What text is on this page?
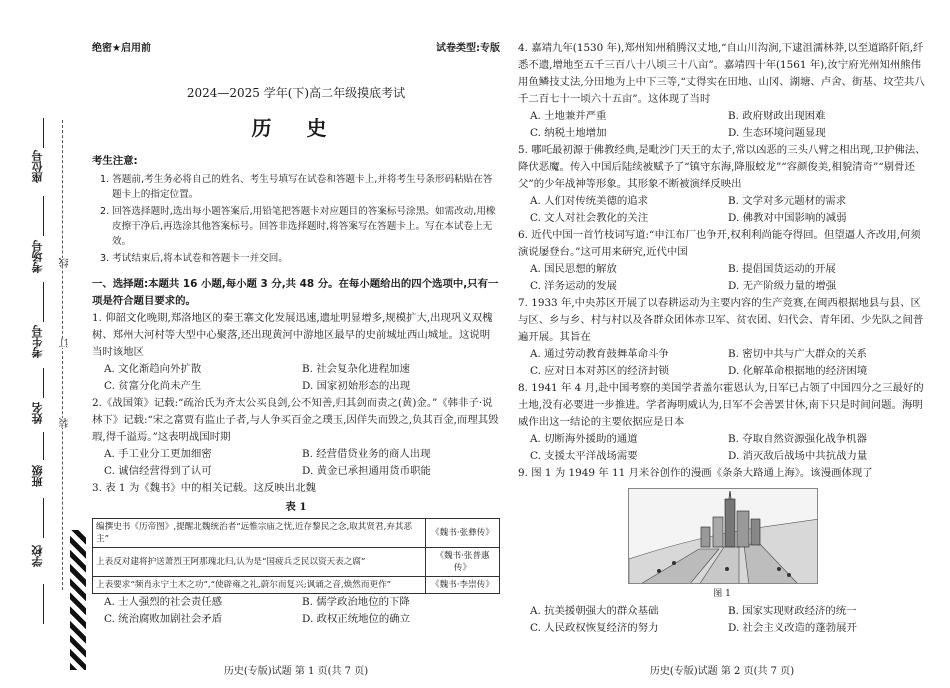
座位号
考场号
考生号
姓名
班级
学校
线
订
装
绝密★启用前	试卷类型:专版
2024—2025 学年(下)高二年级摸底考试
历 史
考生注意:
1. 答题前,考生务必将自己的姓名、考生号填写在试卷和答题卡上,并将考生号条形码粘贴在答题卡上的指定位置。
2. 回答选择题时,选出每小题答案后,用铅笔把答题卡对应题目的答案标号涂黑。如需改动,用橡皮擦干净后,再选涂其他答案标号。回答非选择题时,将答案写在答题卡上。写在本试卷上无效。
3. 考试结束后,将本试卷和答题卡一并交回。
一、选择题:本题共 16 小题,每小题 3 分,共 48 分。在每小题给出的四个选项中,只有一项是符合题目要求的。
1. 仰韶文化晚期,郑洛地区的秦王寨文化发展迅速,遗址明显增多,规模扩大,出现巩义双槐树、郑州大河村等大型中心聚落,还出现黄河中游地区最早的史前城址西山城址。这说明当时该地区
A. 文化渐趋向外扩散	B. 社会复杂化进程加速
C. 贫富分化尚未产生	D. 国家初始形态的出现
2.《战国策》记载:“疏治氏为齐太公买良剑,公不知善,归其剑而责之(黄)金。”《韩非子·说林下》记载:“宋之富贾有监止子者,与人争买百金之璞玉,因佯失而毁之,负其百金,而理其毁瑕,得千溢焉。”这表明战国时期
A. 手工业分工更加细密	B. 经营借贷业务的商人出现
C. 诚信经营得到了认可	D. 黄金已承担通用货币职能
3. 表 1 为《魏书》中的相关记载。这反映出北魏
表 1
编撰史书《历帝图》,提醒北魏统治者“远惟宗庙之忧,近存黎民之念,取其贤君,弃其恶主”	《魏书·张彝传》
上表反对建将护送萧烈王阿那瑰北归,认为是“国疲兵乏民以资天表之腐”	《魏书·张普惠传》
上表要求“频肖永宁土木之功”,“使辟雍之礼,蔚尔而复兴;讽诵之音,焕然而更作”	《魏书·李崇传》
A. 士人强烈的社会责任感	B. 儒学政治地位的下降
C. 统治腐败加剧社会矛盾	D. 政权正统地位的确立
历史(专版)试题 第 1 页(共 7 页)
4. 嘉靖九年(1530 年),郑州知州稍腾汉丈地,“自山川沟涧,下逮沮濡林莽,以至道路阡陌,纤悉不遗,增地至五千三百八十八顷三十八亩”。嘉靖四十年(1561 年),汝宁府光州知州熊伟用鱼鳞技丈法,分田地为上中下三等,“丈得实在田地、山冈、湖塘、卢舍、街基、坟茔共八千二百七十一顷六十五亩”。这体现了当时
A. 土地兼并严重	B. 政府财政出现困难
C. 纳税土地增加	D. 生态环境问题显现
5. 哪吒最初源于佛教经典,是毗沙门天王的太子,常以凶恶的三头八臂之相出现,卫护佛法、降伏恶魔。传入中国后陆续被赋予了“镇守东海,降服蛟龙”“容颜俊美,相貌清奇”“剔骨还父”的少年战神等形象。其形象不断被演绎反映出
A. 人们对传统美德的追求	B. 文学对多元题材的需求
C. 文人对社会教化的关注	D. 佛教对中国影响的减弱
6. 近代中国一首竹枝词写道:“申江布厂也争开,权利利尚能夺得回。但望逼人齐改用,何须演说屡登台。”这可用来研究,近代中国
A. 国民思想的解放	B. 提倡国货运动的开展
C. 洋务运动的发展	D. 无产阶级力量的增强
7. 1933 年,中央苏区开展了以春耕运动为主要内容的生产竞赛,在闽西根据地县与县、区与区、乡与乡、村与村以及各群众团体赤卫军、贫农团、妇代会、青年团、少先队之间普遍开展。其旨在
A. 通过劳动教育鼓舞革命斗争	B. 密切中共与广大群众的关系
C. 应对日本对苏区的经济封锁	D. 化解革命根据地的经济困境
8. 1941 年 4 月,赴中国考察的美国学者盖尔霍恩认为,日军已占领了中国四分之三最好的土地,没有必要进一步推进。学者海明威认为,日军不会善罢甘休,南下只是时间问题。海明威作出这一结论的主要依据应是日本
A. 切断海外援助的通道	B. 夺取自然资源强化战争机器
C. 支援太平洋战场需要	D. 消灭敌后战场中共抗战力量
9. 图 1 为 1949 年 11 月米谷创作的漫画《条条大路通上海》。该漫画体现了
图 1
A. 抗美援朝强大的群众基础	B. 国家实现财政经济的统一
C. 人民政权恢复经济的努力	D. 社会主义改造的蓬勃展开
历史(专版)试题 第 2 页(共 7 页)
